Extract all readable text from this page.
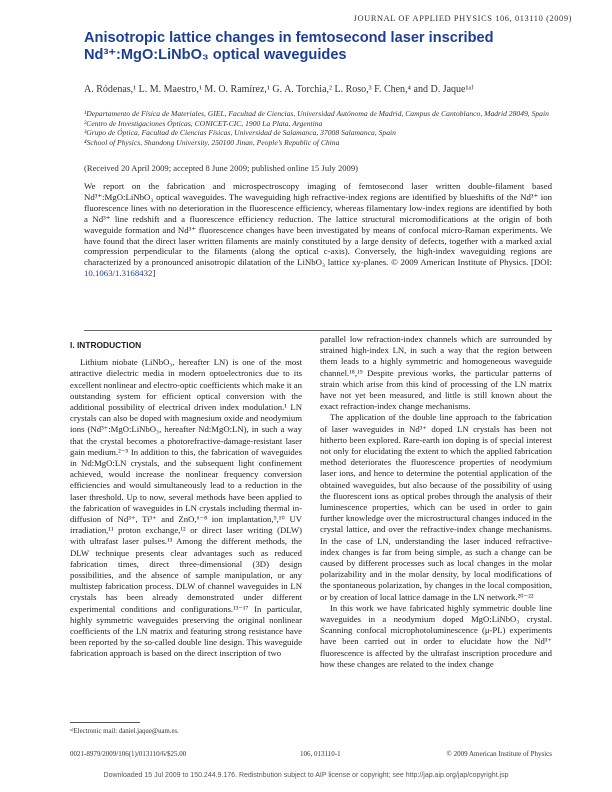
JOURNAL OF APPLIED PHYSICS 106, 013110 (2009)
Anisotropic lattice changes in femtosecond laser inscribed Nd³⁺:MgO:LiNbO₃ optical waveguides
A. Ródenas,¹ L. M. Maestro,¹ M. O. Ramírez,¹ G. A. Torchia,² L. Roso,³ F. Chen,⁴ and D. Jaque¹ᵃ⁾
¹Departamento de Física de Materiales, GIEL, Facultad de Ciencias, Universidad Autónoma de Madrid, Campus de Cantoblanco, Madrid 28049, Spain
²Centro de Investigaciones Ópticas, CONICET-CIC, 1900 La Plata, Argentina
³Grupo de Óptica, Facultad de Ciencias Físicas, Universidad de Salamanca, 37008 Salamanca, Spain
⁴School of Physics, Shandong University, 250100 Jinan, People’s Republic of China
(Received 20 April 2009; accepted 8 June 2009; published online 15 July 2009)
We report on the fabrication and microspectroscopy imaging of femtosecond laser written double-filament based Nd³⁺:MgO:LiNbO₃ optical waveguides. The waveguiding high refractive-index regions are identified by blueshifts of the Nd³⁺ ion fluorescence lines with no deterioration in the fluorescence efficiency, whereas filamentary low-index regions are identified by both a Nd³⁺ line redshift and a fluorescence efficiency reduction. The lattice structural micromodifications at the origin of both waveguide formation and Nd³⁺ fluorescence changes have been investigated by means of confocal micro-Raman experiments. We have found that the direct laser written filaments are mainly constituted by a large density of defects, together with a marked axial compression perpendicular to the filaments (along the optical c-axis). Conversely, the high-index waveguiding regions are characterized by a pronounced anisotropic dilatation of the LiNbO₃ lattice xy-planes. © 2009 American Institute of Physics. [DOI: 10.1063/1.3168432]
I. INTRODUCTION

Lithium niobate (LiNbO₃, hereafter LN) is one of the most attractive dielectric media in modern optoelectronics due to its excellent nonlinear and electro-optic coefficients which make it an outstanding system for efficient optical conversion with the additional possibility of electrical driven index modulation.¹ LN crystals can also be doped with magnesium oxide and neodymium ions (Nd³⁺:MgO:LiNbO₃, hereafter Nd:MgO:LN), in such a way that the crystal becomes a photorefractive-damage-resistant laser gain medium.²⁻⁵ In addition to this, the fabrication of waveguides in Nd:MgO:LN crystals, and the subsequent light confinement achieved, would increase the nonlinear frequency conversion efficiencies and would simultaneously lead to a reduction in the laser threshold. Up to now, several methods have been applied to the fabrication of waveguides in LN crystals including thermal in-diffusion of Nd³⁺, Ti³⁺ and ZnO,⁶⁻⁸ ion implantation,⁹,¹⁰ UV irradiation,¹¹ proton exchange,¹² or direct laser writing (DLW) with ultrafast laser pulses.¹³ Among the different methods, the DLW technique presents clear advantages such as reduced fabrication times, direct three-dimensional (3D) design possibilities, and the absence of sample manipulation, or any multistep fabrication process. DLW of channel waveguides in LN crystals has been already demonstrated under different experimental conditions and configurations.¹³⁻¹⁷ In particular, highly symmetric waveguides preserving the original nonlinear coefficients of the LN matrix and featuring strong resistance have been reported by the so-called double line design. This waveguide fabrication approach is based on the direct inscription of two

parallel low refraction-index channels which are surrounded by strained high-index LN, in such a way that the region between them leads to a highly symmetric and homogeneous waveguide channel.¹⁸,¹⁹ Despite previous works, the particular patterns of strain which arise from this kind of processing of the LN matrix have not yet been measured, and little is still known about the exact refraction-index change mechanisms.

The application of the double line approach to the fabrication of laser waveguides in Nd³⁺ doped LN crystals has been not hitherto been explored. Rare-earth ion doping is of special interest not only for elucidating the extent to which the applied fabrication method deteriorates the fluorescence properties of neodymium laser ions, and hence to determine the potential application of the obtained waveguides, but also because of the possibility of using the fluorescent ions as optical probes through the analysis of their luminescence properties, which can be used in order to gain further knowledge over the microstructural changes induced in the crystal lattice, and over the refractive-index change mechanisms. In the case of LN, understanding the laser induced refractive-index changes is far from being simple, as such a change can be caused by different processes such as local changes in the molar polarizability and in the molar density, by local modifications of the spontaneous polarization, by changes in the local composition, or by creation of local lattice damage in the LN network.²⁰⁻²²

In this work we have fabricated highly symmetric double line waveguides in a neodymium doped MgO:LiNbO₃ crystal. Scanning confocal microphotoluminescence (μ-PL) experiments have been carried out in order to elucidate how the Nd³⁺ fluorescence is affected by the ultrafast inscription procedure and how these changes are related to the index change

ᵃ⁾Electronic mail: daniel.jaque@uam.es.
0021-8979/2009/106(1)/013110/6/$25.00	106, 013110-1	© 2009 American Institute of Physics
Downloaded 15 Jul 2009 to 150.244.9.176. Redistribution subject to AIP license or copyright; see http://jap.aip.org/jap/copyright.jsp
